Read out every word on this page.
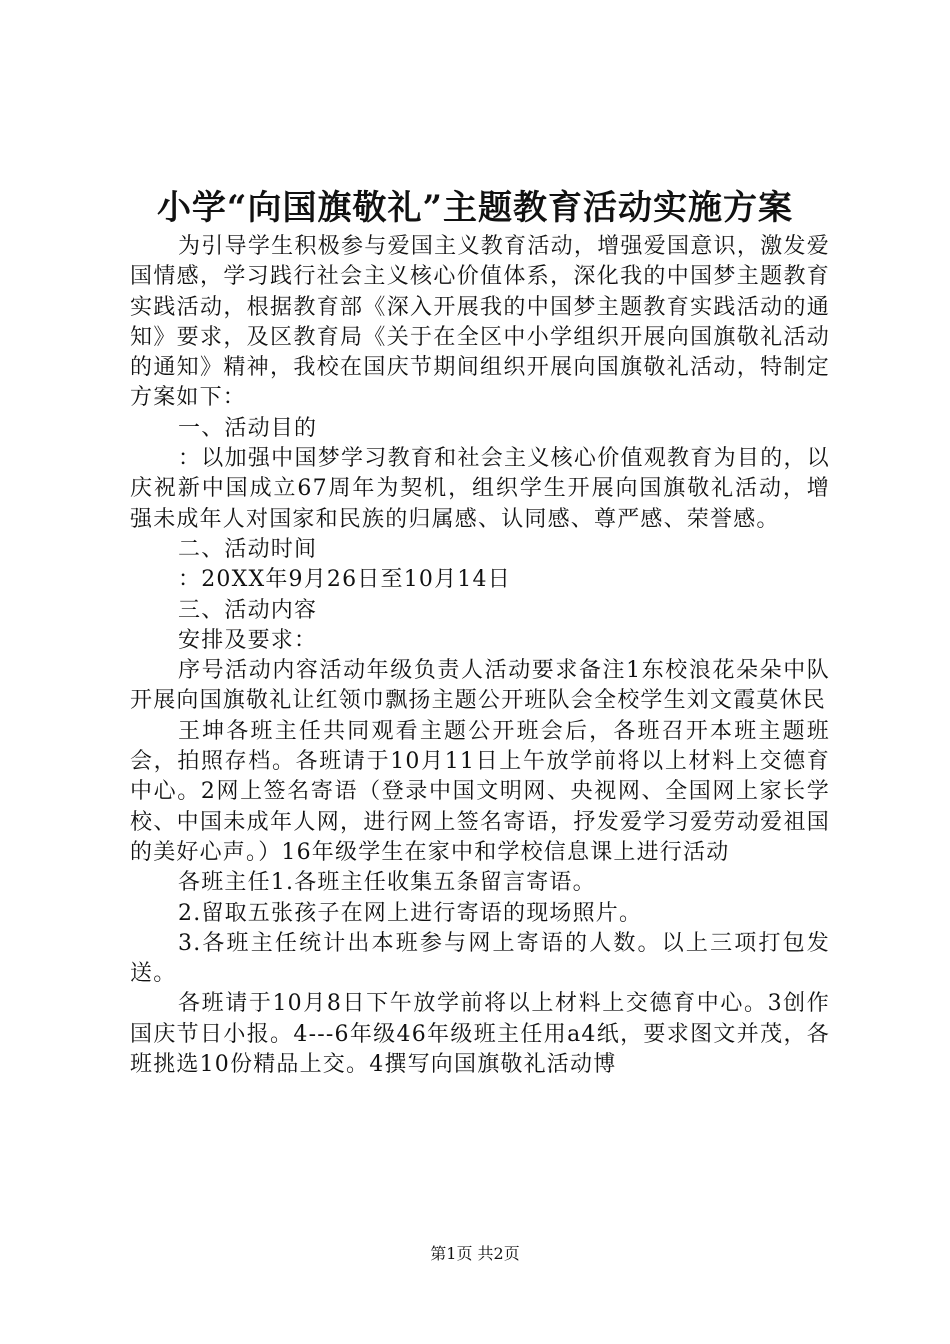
小学“向国旗敬礼”主题教育活动实施方案

为引导学生积极参与爱国主义教育活动，增强爱国意识，激发爱国情感，学习践行社会主义核心价值体系，深化我的中国梦主题教育实践活动，根据教育部《深入开展我的中国梦主题教育实践活动的通知》要求，及区教育局《关于在全区中小学组织开展向国旗敬礼活动的通知》精神，我校在国庆节期间组织开展向国旗敬礼活动，特制定方案如下：

一、活动目的

：以加强中国梦学习教育和社会主义核心价值观教育为目的，以庆祝新中国成立67周年为契机，组织学生开展向国旗敬礼活动，增强未成年人对国家和民族的归属感、认同感、尊严感、荣誉感。

二、活动时间

：20XX年9月26日至10月14日

三、活动内容

安排及要求：

序号活动内容活动年级负责人活动要求备注1东校浪花朵朵中队开展向国旗敬礼让红领巾飘扬主题公开班队会全校学生刘文霞莫休民

王坤各班主任共同观看主题公开班会后，各班召开本班主题班会，拍照存档。各班请于10月11日上午放学前将以上材料上交德育中心。2网上签名寄语（登录中国文明网、央视网、全国网上家长学校、中国未成年人网，进行网上签名寄语，抒发爱学习爱劳动爱祖国的美好心声。）16年级学生在家中和学校信息课上进行活动

各班主任1.各班主任收集五条留言寄语。

2.留取五张孩子在网上进行寄语的现场照片。

3.各班主任统计出本班参与网上寄语的人数。以上三项打包发送。

各班请于10月8日下午放学前将以上材料上交德育中心。3创作国庆节日小报。4---6年级46年级班主任用a4纸，要求图文并茂，各班挑选10份精品上交。4撰写向国旗敬礼活动博

第1页 共2页
